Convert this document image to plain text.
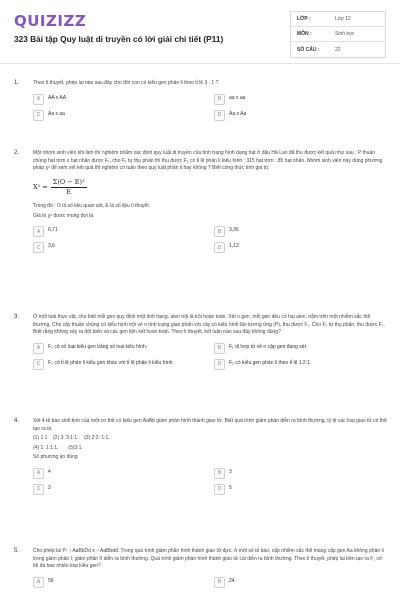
QUIZIZZ
323 Bài tập Quy luật di truyền có lời giải chi tiết (P11)
LỚP :	Lớp 12
MÔN :	Sinh học
SỐ CÂU :	22
1.	Theo lí thuyết, phép lai nào sau đây cho đời con có kiểu gen phân li theo tỉ lệ 3 : 1 ?

A	AA x AA	B	aa x aa
C	Aa x aa	D	Aa x Aa
2.	Một nhóm sinh viên khi làm thí nghiệm nhắm xác định quy luật di truyền của tính trạng hình dạng hạt ở đậu Hà Lan đã thu được kết quả như sau : P thuần chủng hạt trơn x hạt nhăn được F₁, cho F₁ tự thụ phấn thì thu được F₂ có tỉ lệ phân li kiểu hình : 315 hạt trơn : 85 hạt nhăn. Nhóm sinh viên này dùng phương pháp χ² để xem xét kết quả thí nghiệm có tuân theo quy luật phân li hay không ? Biết công thức tính giá trị:

$X^2 = \frac{\text{Σ(O − E)²}}{E}$

Trong đó : O là số liệu quan sát, E là số liệu lí thuyết.

Giá trị χ² được mong đợi là

A	6,71	B	3,36
C	3,6	D	1,12
3.	Ở một loài thực vật, cho biết mỗi gen quy định một tính trạng, alen trội là trội hoàn toàn. Xét n gen, mỗi gen đều có hai alen, nằm trên một nhiễm sắc thể thường. Cho cây thuần chủng có kiểu hình trội về n tính trạng giao phấn với cây có kiểu hình lặn tương ứng (P), thu được F₁. Cho F₁ tự thụ phấn, thu được F₂. Biết rằng không xảy ra đột biến và các gen liên kết hoàn toàn. Theo lí thuyết, kết luận nào sau đây không đúng?

A	F₂ có số loại kiểu gen bằng số loại kiểu hình.	B	F₁ dị hợp tử về n cặp gen đang xét
C	F₂ có tỉ lệ phân li kiểu gen khác với tỉ lệ phân li kiểu hình.	D	F₂ có kiểu gen phân li theo tỉ lệ 1:2:1.
4.	Xét 4 tế bào sinh tinh của một cơ thể có kiểu gen AaBb giảm phân hình thành giao tử. Biết quá trình giảm phân diễn ra bình thường, tỷ lệ các loại giao tử có thể tạo ra là:

(1) 1:1    (2) 3: 3:1:1.    (3) 2:2: 1:1.

(4) 1: 1:1:1.       (5)3:1.

Số phương án đúng

A	4	B	3
C	2	D	5
5.	Cho phép lai P: ♀AaBbDd x ♂AaBbdd. Trong quá trình giảm phân hình thành giao tử đực, ở một số tế bào, cặp nhiễm sắc thể mang cặp gen Aa không phân li trong giảm phân I; giảm phân II diễn ra bình thường. Quá trình giảm phân hình thành giao tử cái diễn ra bình thường. Theo lí thuyết, phép lai trên tạo ra F₁ có tối đa bao nhiêu loại kiểu gen?

A	56	B	24
